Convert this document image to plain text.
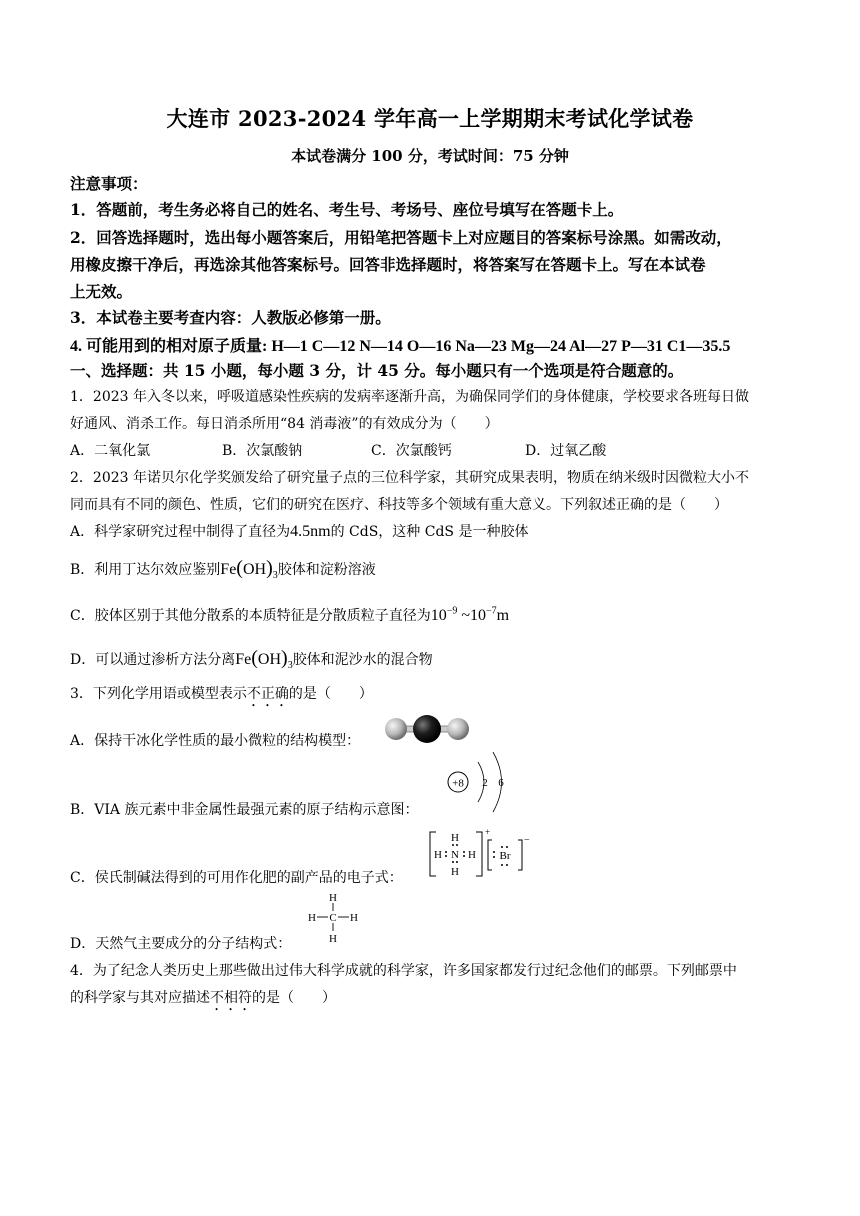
大连市 2023-2024 学年高一上学期期末考试化学试卷
本试卷满分 100 分，考试时间：75 分钟
注意事项：
1．答题前，考生务必将自己的姓名、考生号、考场号、座位号填写在答题卡上。
2．回答选择题时，选出每小题答案后，用铅笔把答题卡上对应题目的答案标号涂黑。如需改动，
用橡皮擦干净后，再选涂其他答案标号。回答非选择题时，将答案写在答题卡上。写在本试卷
上无效。
3．本试卷主要考查内容：人教版必修第一册。
4. 可能用到的相对原子质量: H—1 C—12 N—14 O—16 Na—23 Mg—24 Al—27 P—31 C1—35.5
一、选择题：共 15 小题，每小题 3 分，计 45 分。每小题只有一个选项是符合题意的。
1．2023 年入冬以来，呼吸道感染性疾病的发病率逐渐升高，为确保同学们的身体健康，学校要求各班每日做
好通风、消杀工作。每日消杀所用“84 消毒液”的有效成分为（　　）
A．二氧化氯	B．次氯酸钠	C．次氯酸钙	D．过氧乙酸
2．2023 年诺贝尔化学奖颁发给了研究量子点的三位科学家，其研究成果表明，物质在纳米级时因微粒大小不
同而具有不同的颜色、性质，它们的研究在医疗、科技等多个领域有重大意义。下列叙述正确的是（　　）
A．科学家研究过程中制得了直径为4.5nm的 CdS，这种 CdS 是一种胶体
B．利用丁达尔效应鉴别$Fe(OH)_3$胶体和淀粉溶液
C．胶体区别于其他分散系的本质特征是分散质粒子直径为$10^{-9}$ $\sim 10^{-7}m$
D．可以通过渗析方法分离$Fe(OH)_3$胶体和泥沙水的混合物
3．下列化学用语或模型表示不正确的是（　　）
A．保持干冰化学性质的最小微粒的结构模型：
B．VIA 族元素中非金属性最强元素的原子结构示意图：
+8 2 6
C．侯氏制碱法得到的可用作化肥的副产品的电子式：
H
H N H
H
+
Br
−
D．天然气主要成分的分子结构式：
H
H C H
H
4．为了纪念人类历史上那些做出过伟大科学成就的科学家，许多国家都发行过纪念他们的邮票。下列邮票中
的科学家与其对应描述不相符的是（　　）
